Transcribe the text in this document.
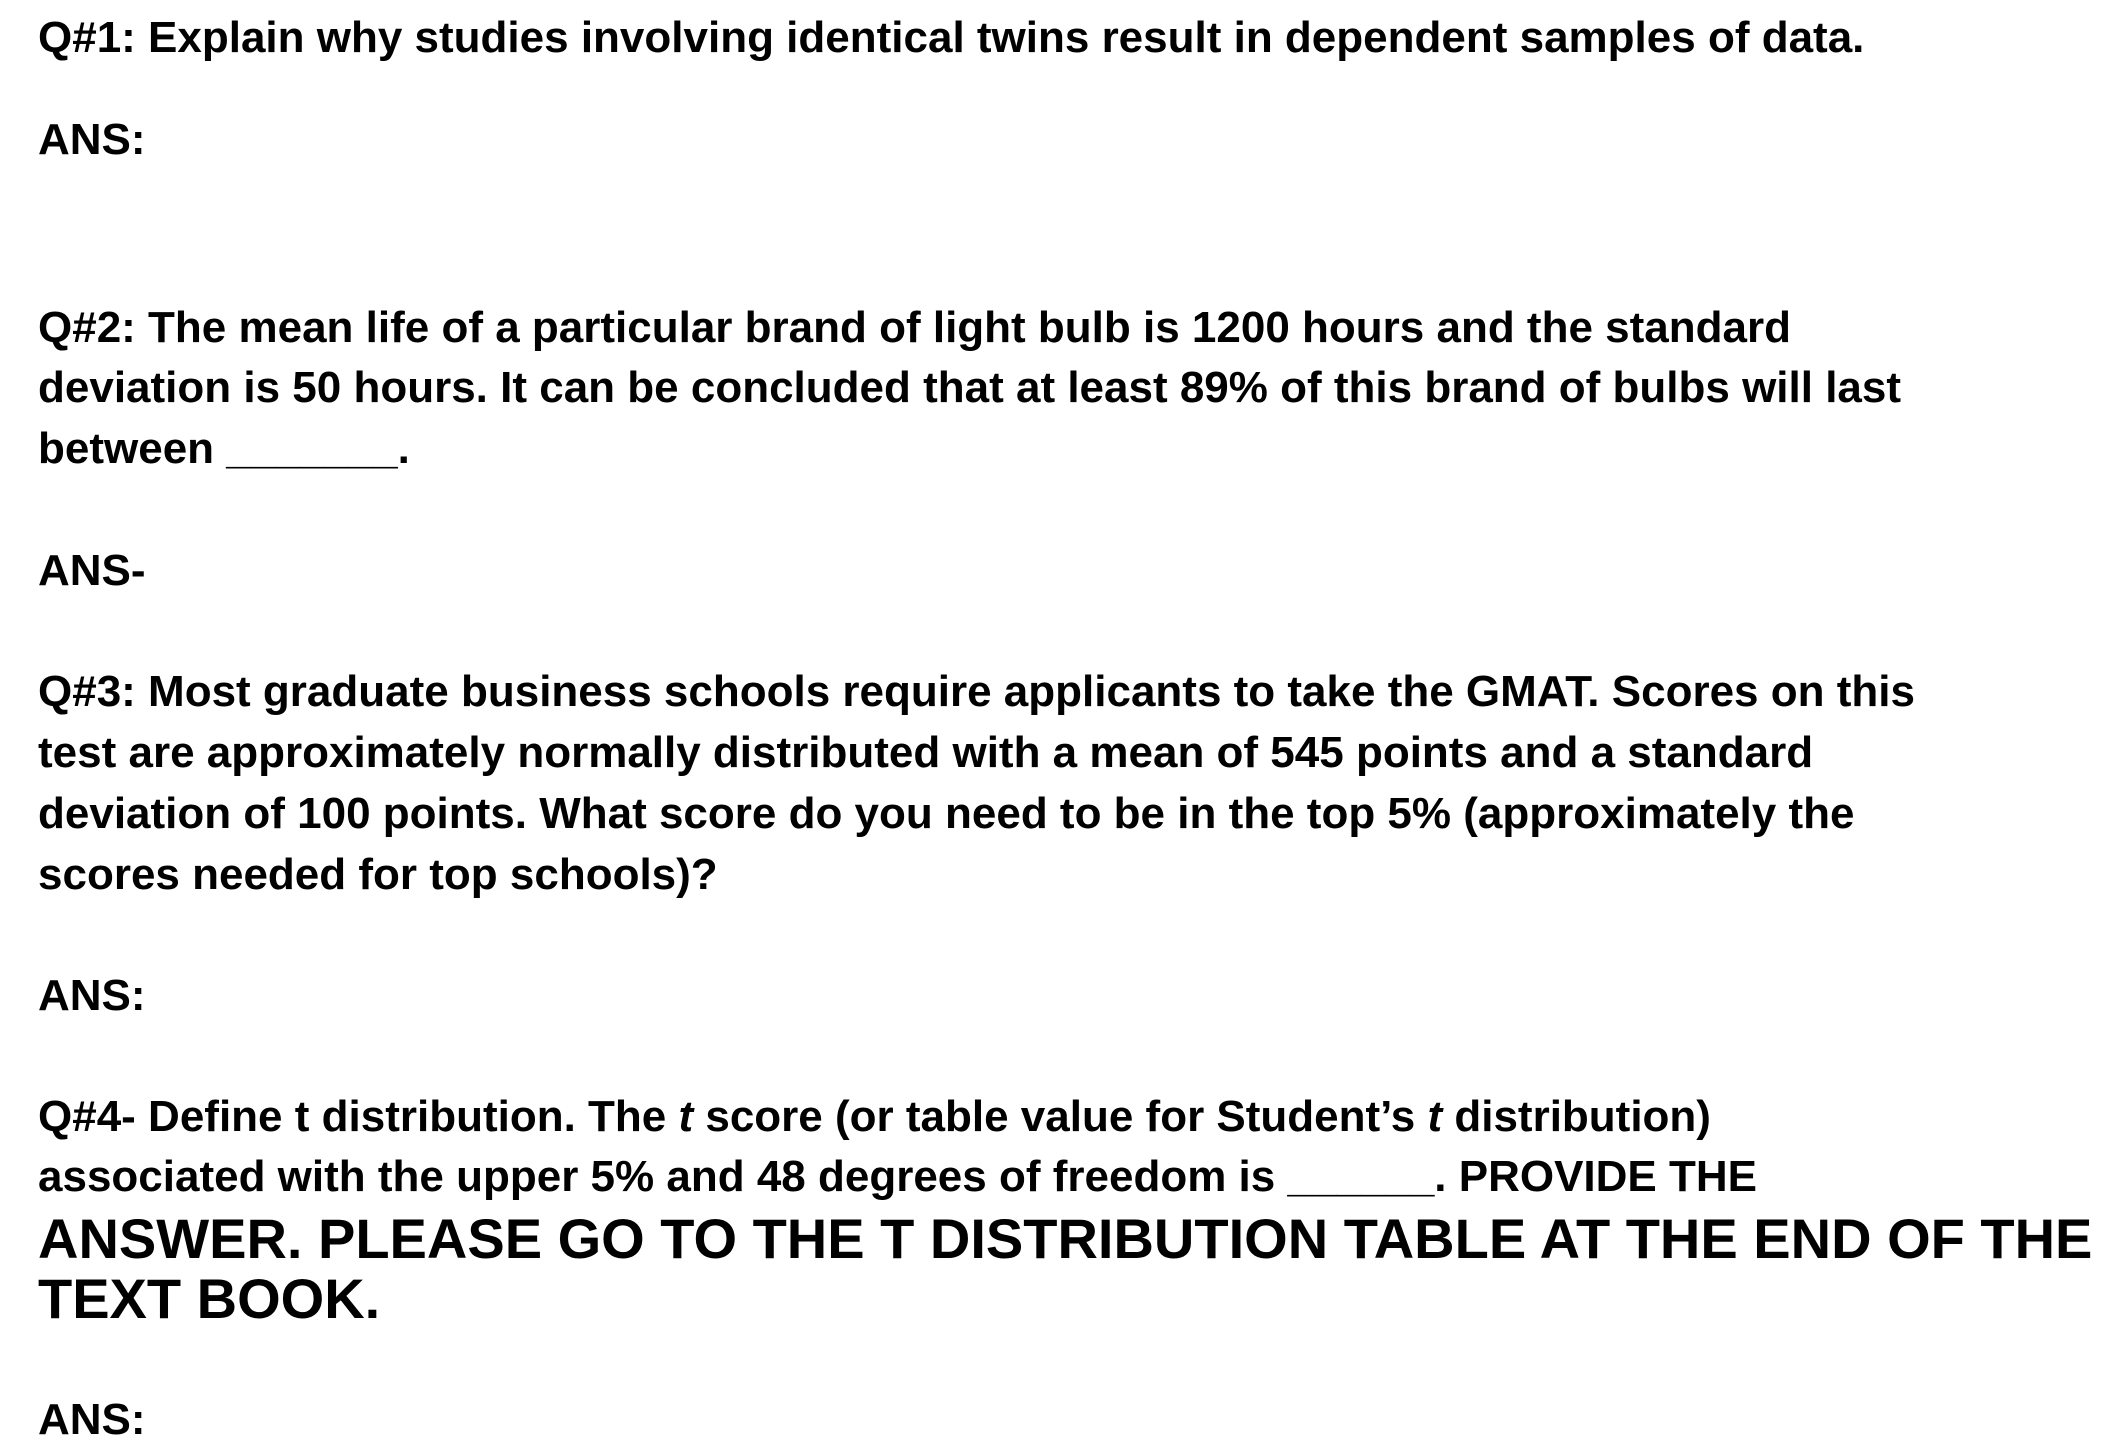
Q#1: Explain why studies involving identical twins result in dependent samples of data.
ANS:
Q#2: The mean life of a particular brand of light bulb is 1200 hours and the standard
deviation is 50 hours. It can be concluded that at least 89% of this brand of bulbs will last
between _______.
ANS-
Q#3: Most graduate business schools require applicants to take the GMAT. Scores on this
test are approximately normally distributed with a mean of 545 points and a standard
deviation of 100 points. What score do you need to be in the top 5% (approximately the
scores needed for top schools)?
ANS:
Q#4- Define t distribution. The t score (or table value for Student’s t distribution)
associated with the upper 5% and 48 degrees of freedom is ______. PROVIDE THE
ANSWER. PLEASE GO TO THE T DISTRIBUTION TABLE AT THE END OF THE
TEXT BOOK.
ANS:
